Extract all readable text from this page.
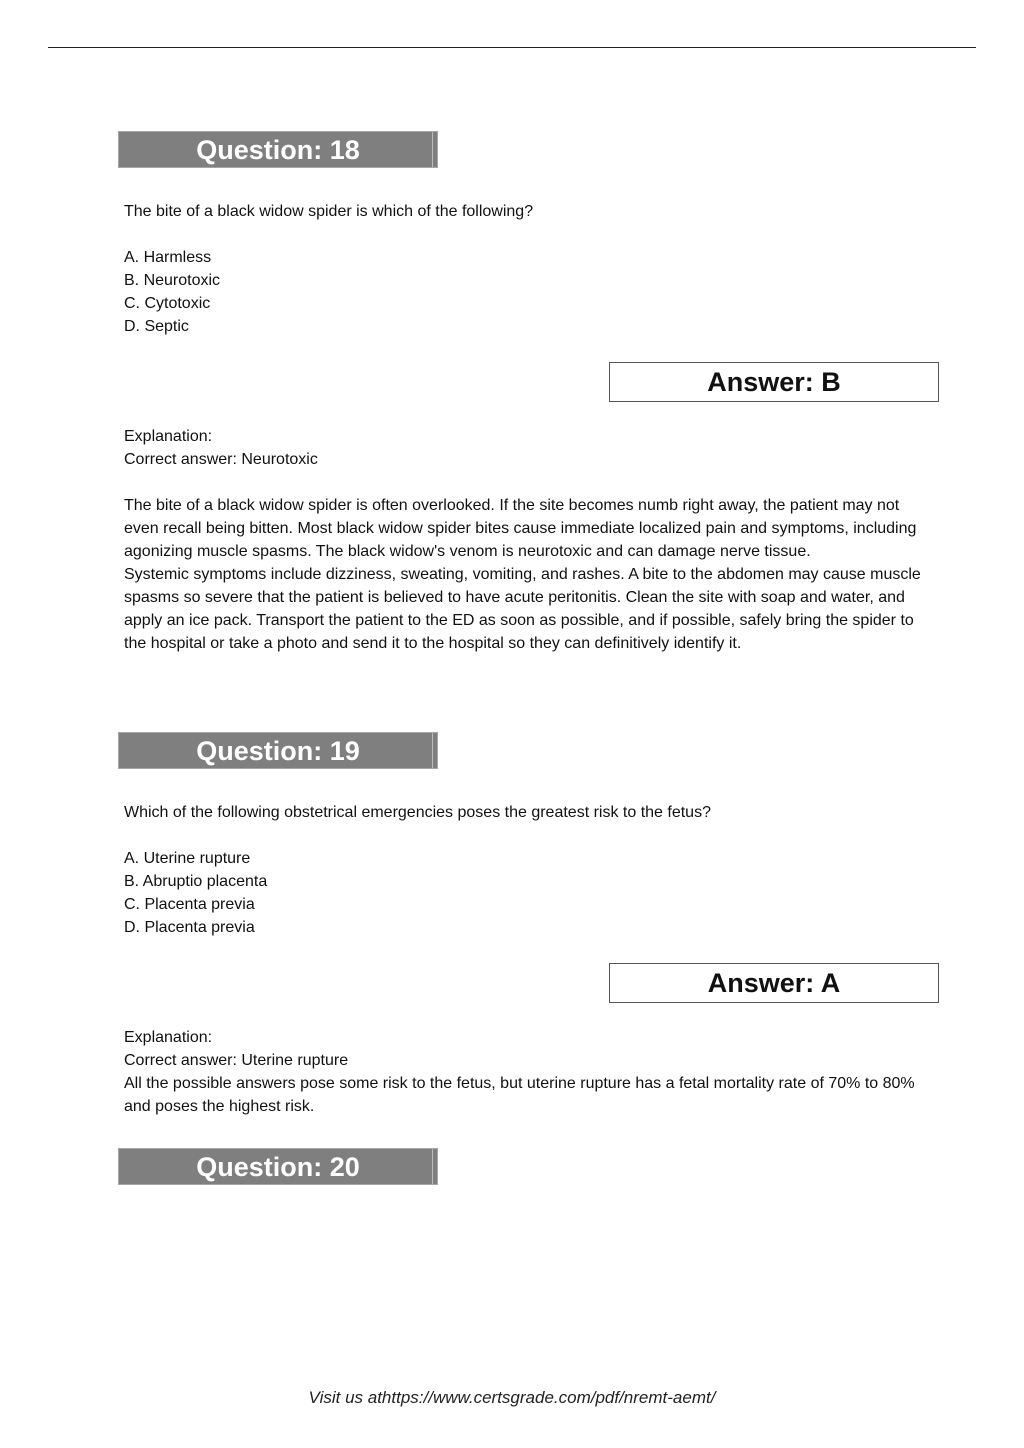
Question: 18
The bite of a black widow spider is which of the following?
A. Harmless
B. Neurotoxic
C. Cytotoxic
D. Septic
Answer: B
Explanation:
Correct answer: Neurotoxic
The bite of a black widow spider is often overlooked. If the site becomes numb right away, the patient may not even recall being bitten. Most black widow spider bites cause immediate localized pain and symptoms, including agonizing muscle spasms. The black widow's venom is neurotoxic and can damage nerve tissue.
Systemic symptoms include dizziness, sweating, vomiting, and rashes. A bite to the abdomen may cause muscle spasms so severe that the patient is believed to have acute peritonitis. Clean the site with soap and water, and apply an ice pack. Transport the patient to the ED as soon as possible, and if possible, safely bring the spider to the hospital or take a photo and send it to the hospital so they can definitively identify it.
Question: 19
Which of the following obstetrical emergencies poses the greatest risk to the fetus?
A. Uterine rupture
B. Abruptio placenta
C. Placenta previa
D. Placenta previa
Answer: A
Explanation:
Correct answer: Uterine rupture
All the possible answers pose some risk to the fetus, but uterine rupture has a fetal mortality rate of 70% to 80% and poses the highest risk.
Question: 20
Visit us athttps://www.certsgrade.com/pdf/nremt-aemt/
